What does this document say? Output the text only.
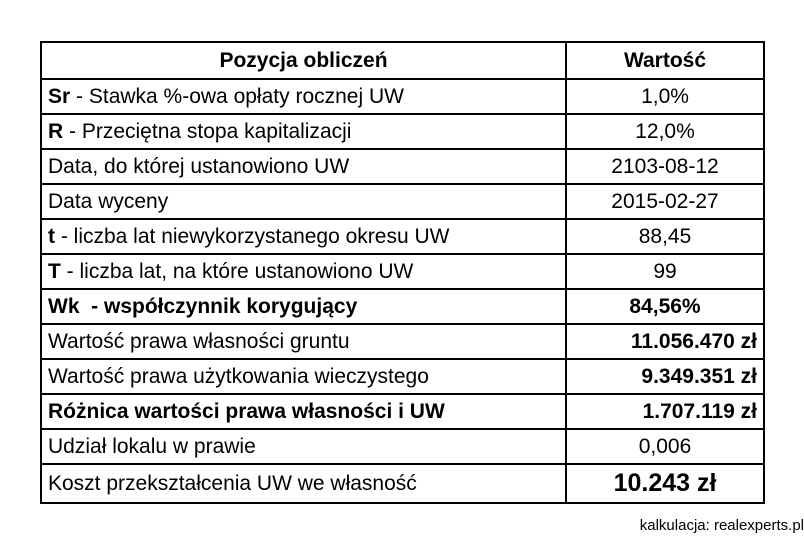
Pozycja obliczeń	Wartość
Sr - Stawka %-owa opłaty rocznej UW	1,0%
R - Przeciętna stopa kapitalizacji	12,0%
Data, do której ustanowiono UW	2103-08-12
Data wyceny	2015-02-27
t - liczba lat niewykorzystanego okresu UW	88,45
T - liczba lat, na które ustanowiono UW	99
Wk  - współczynnik korygujący	84,56%
Wartość prawa własności gruntu	11.056.470 zł
Wartość prawa użytkowania wieczystego	9.349.351 zł
Różnica wartości prawa własności i UW	1.707.119 zł
Udział lokalu w prawie	0,006
Koszt przekształcenia UW we własność	10.243 zł
kalkulacja: realexperts.pl
